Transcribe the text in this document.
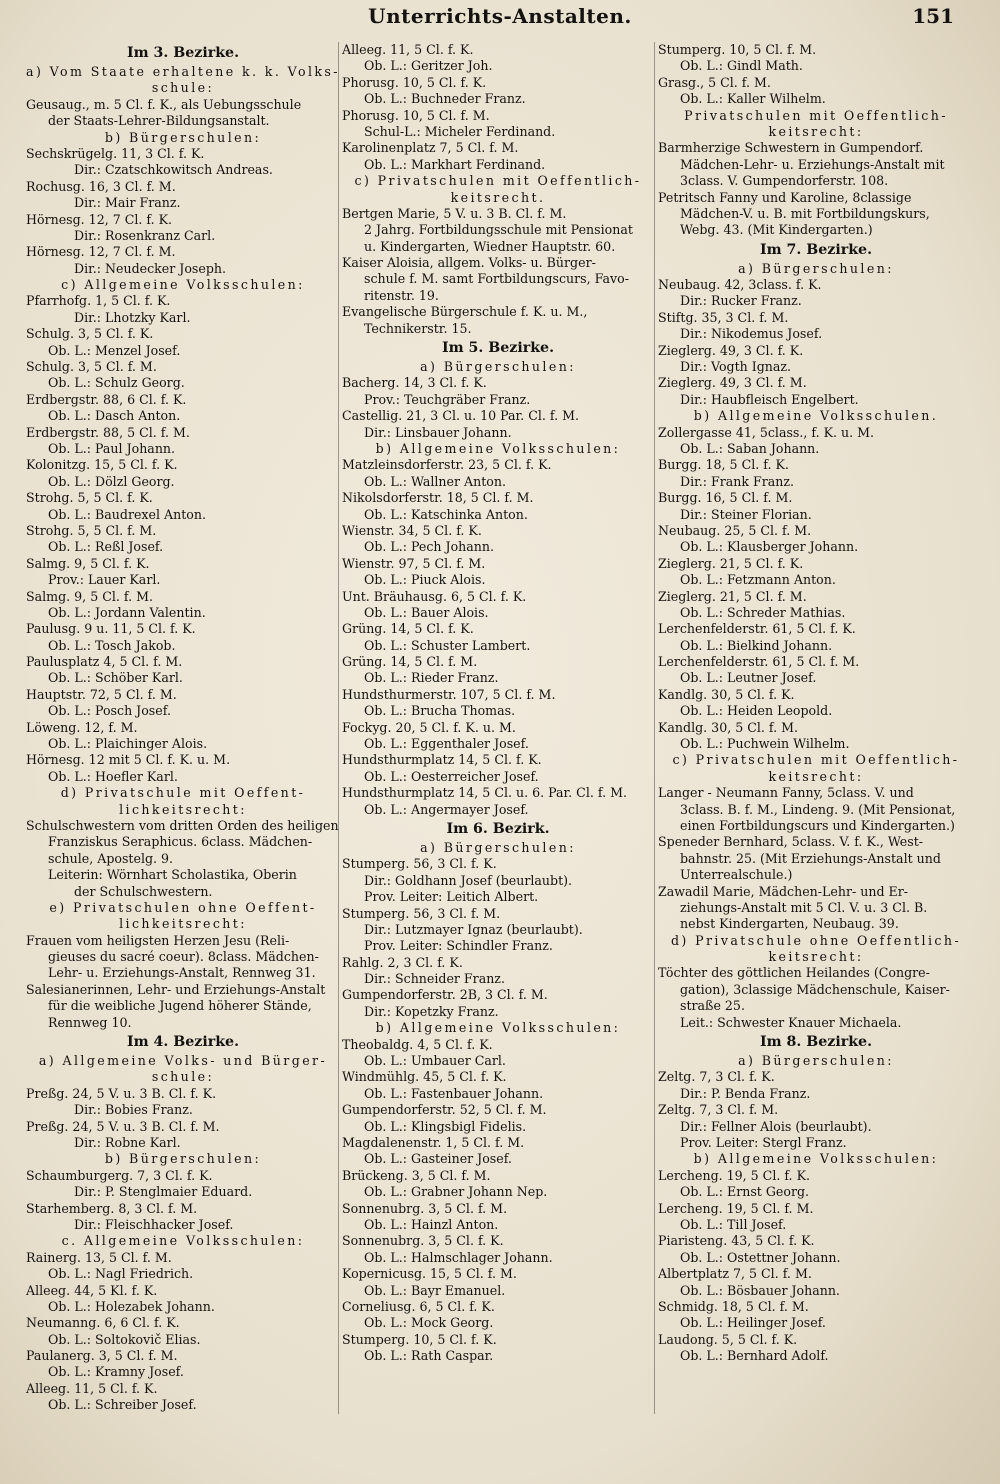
Unterrichts-Anstalten.	151
Im 3. Bezirke.
a) Vom Staate erhaltene k. k. Volks-
schule:
Geusaug., m. 5 Cl. f. K., als Uebungsschule
der Staats-Lehrer-Bildungsanstalt.
b) Bürgerschulen:
Sechskrügelg. 11, 3 Cl. f. K.
Dir.: Czatschkowitsch Andreas.
Rochusg. 16, 3 Cl. f. M.
Dir.: Mair Franz.
Hörnesg. 12, 7 Cl. f. K.
Dir.: Rosenkranz Carl.
Hörnesg. 12, 7 Cl. f. M.
Dir.: Neudecker Joseph.
c) Allgemeine Volksschulen:
Pfarrhofg. 1, 5 Cl. f. K.
Dir.: Lhotzky Karl.
Schulg. 3, 5 Cl. f. K.
Ob. L.: Menzel Josef.
Schulg. 3, 5 Cl. f. M.
Ob. L.: Schulz Georg.
Erdbergstr. 88, 6 Cl. f. K.
Ob. L.: Dasch Anton.
Erdbergstr. 88, 5 Cl. f. M.
Ob. L.: Paul Johann.
Kolonitzg. 15, 5 Cl. f. K.
Ob. L.: Dölzl Georg.
Strohg. 5, 5 Cl. f. K.
Ob. L.: Baudrexel Anton.
Strohg. 5, 5 Cl. f. M.
Ob. L.: Reßl Josef.
Salmg. 9, 5 Cl. f. K.
Prov.: Lauer Karl.
Salmg. 9, 5 Cl. f. M.
Ob. L.: Jordann Valentin.
Paulusg. 9 u. 11, 5 Cl. f. K.
Ob. L.: Tosch Jakob.
Paulusplatz 4, 5 Cl. f. M.
Ob. L.: Schöber Karl.
Hauptstr. 72, 5 Cl. f. M.
Ob. L.: Posch Josef.
Löweng. 12, f. M.
Ob. L.: Plaichinger Alois.
Hörnesg. 12 mit 5 Cl. f. K. u. M.
Ob. L.: Hoefler Karl.
d) Privatschule mit Oeffent-
lichkeitsrecht:
Schulschwestern vom dritten Orden des heiligen
Franziskus Seraphicus. 6class. Mädchen-
schule, Apostelg. 9.
Leiterin: Wörnhart Scholastika, Oberin
der Schulschwestern.
e) Privatschulen ohne Oeffent-
lichkeitsrecht:
Frauen vom heiligsten Herzen Jesu (Reli-
gieuses du sacré coeur). 8class. Mädchen-
Lehr- u. Erziehungs-Anstalt, Rennweg 31.
Salesianerinnen, Lehr- und Erziehungs-Anstalt
für die weibliche Jugend höherer Stände,
Rennweg 10.
Im 4. Bezirke.
a) Allgemeine Volks- und Bürger-
schule:
Preßg. 24, 5 V. u. 3 B. Cl. f. K.
Dir.: Bobies Franz.
Preßg. 24, 5 V. u. 3 B. Cl. f. M.
Dir.: Robne Karl.
b) Bürgerschulen:
Schaumburgerg. 7, 3 Cl. f. K.
Dir.: P. Stenglmaier Eduard.
Starhemberg. 8, 3 Cl. f. M.
Dir.: Fleischhacker Josef.
c. Allgemeine Volksschulen:
Rainerg. 13, 5 Cl. f. M.
Ob. L.: Nagl Friedrich.
Alleeg. 44, 5 Kl. f. K.
Ob. L.: Holezabek Johann.
Neumanng. 6, 6 Cl. f. K.
Ob. L.: Soltokovič Elias.
Paulanerg. 3, 5 Cl. f. M.
Ob. L.: Kramny Josef.
Alleeg. 11, 5 Cl. f. K.
Ob. L.: Schreiber Josef.
Alleeg. 11, 5 Cl. f. K.
Ob. L.: Geritzer Joh.
Phorusg. 10, 5 Cl. f. K.
Ob. L.: Buchneder Franz.
Phorusg. 10, 5 Cl. f. M.
Schul-L.: Micheler Ferdinand.
Karolinenplatz 7, 5 Cl. f. M.
Ob. L.: Markhart Ferdinand.
c) Privatschulen mit Oeffentlich-
keitsrecht.
Bertgen Marie, 5 V. u. 3 B. Cl. f. M.
2 Jahrg. Fortbildungsschule mit Pensionat
u. Kindergarten, Wiedner Hauptstr. 60.
Kaiser Aloisia, allgem. Volks- u. Bürger-
schule f. M. samt Fortbildungscurs, Favo-
ritenstr. 19.
Evangelische Bürgerschule f. K. u. M.,
Technikerstr. 15.
Im 5. Bezirke.
a) Bürgerschulen:
Bacherg. 14, 3 Cl. f. K.
Prov.: Teuchgräber Franz.
Castellig. 21, 3 Cl. u. 10 Par. Cl. f. M.
Dir.: Linsbauer Johann.
b) Allgemeine Volksschulen:
Matzleinsdorferstr. 23, 5 Cl. f. K.
Ob. L.: Wallner Anton.
Nikolsdorferstr. 18, 5 Cl. f. M.
Ob. L.: Katschinka Anton.
Wienstr. 34, 5 Cl. f. K.
Ob. L.: Pech Johann.
Wienstr. 97, 5 Cl. f. M.
Ob. L.: Piuck Alois.
Unt. Bräuhausg. 6, 5 Cl. f. K.
Ob. L.: Bauer Alois.
Grüng. 14, 5 Cl. f. K.
Ob. L.: Schuster Lambert.
Grüng. 14, 5 Cl. f. M.
Ob. L.: Rieder Franz.
Hundsthurmerstr. 107, 5 Cl. f. M.
Ob. L.: Brucha Thomas.
Fockyg. 20, 5 Cl. f. K. u. M.
Ob. L.: Eggenthaler Josef.
Hundsthurmplatz 14, 5 Cl. f. K.
Ob. L.: Oesterreicher Josef.
Hundsthurmplatz 14, 5 Cl. u. 6. Par. Cl. f. M.
Ob. L.: Angermayer Josef.
Im 6. Bezirk.
a) Bürgerschulen:
Stumperg. 56, 3 Cl. f. K.
Dir.: Goldhann Josef (beurlaubt).
Prov. Leiter: Leitich Albert.
Stumperg. 56, 3 Cl. f. M.
Dir.: Lutzmayer Ignaz (beurlaubt).
Prov. Leiter: Schindler Franz.
Rahlg. 2, 3 Cl. f. K.
Dir.: Schneider Franz.
Gumpendorferstr. 2B, 3 Cl. f. M.
Dir.: Kopetzky Franz.
b) Allgemeine Volksschulen:
Theobaldg. 4, 5 Cl. f. K.
Ob. L.: Umbauer Carl.
Windmühlg. 45, 5 Cl. f. K.
Ob. L.: Fastenbauer Johann.
Gumpendorferstr. 52, 5 Cl. f. M.
Ob. L.: Klingsbigl Fidelis.
Magdalenenstr. 1, 5 Cl. f. M.
Ob. L.: Gasteiner Josef.
Brückeng. 3, 5 Cl. f. M.
Ob. L.: Grabner Johann Nep.
Sonnenubrg. 3, 5 Cl. f. M.
Ob. L.: Hainzl Anton.
Sonnenubrg. 3, 5 Cl. f. K.
Ob. L.: Halmschlager Johann.
Kopernicusg. 15, 5 Cl. f. M.
Ob. L.: Bayr Emanuel.
Corneliusg. 6, 5 Cl. f. K.
Ob. L.: Mock Georg.
Stumperg. 10, 5 Cl. f. K.
Ob. L.: Rath Caspar.
Stumperg. 10, 5 Cl. f. M.
Ob. L.: Gindl Math.
Grasg., 5 Cl. f. M.
Ob. L.: Kaller Wilhelm.
Privatschulen mit Oeffentlich-
keitsrecht:
Barmherzige Schwestern in Gumpendorf.
Mädchen-Lehr- u. Erziehungs-Anstalt mit
3class. V. Gumpendorferstr. 108.
Petritsch Fanny und Karoline, 8classige
Mädchen-V. u. B. mit Fortbildungskurs,
Webg. 43. (Mit Kindergarten.)
Im 7. Bezirke.
a) Bürgerschulen:
Neubaug. 42, 3class. f. K.
Dir.: Rucker Franz.
Stiftg. 35, 3 Cl. f. M.
Dir.: Nikodemus Josef.
Zieglerg. 49, 3 Cl. f. K.
Dir.: Vogth Ignaz.
Zieglerg. 49, 3 Cl. f. M.
Dir.: Haubfleisch Engelbert.
b) Allgemeine Volksschulen.
Zollergasse 41, 5class., f. K. u. M.
Ob. L.: Saban Johann.
Burgg. 18, 5 Cl. f. K.
Dir.: Frank Franz.
Burgg. 16, 5 Cl. f. M.
Dir.: Steiner Florian.
Neubaug. 25, 5 Cl. f. M.
Ob. L.: Klausberger Johann.
Zieglerg. 21, 5 Cl. f. K.
Ob. L.: Fetzmann Anton.
Zieglerg. 21, 5 Cl. f. M.
Ob. L.: Schreder Mathias.
Lerchenfelderstr. 61, 5 Cl. f. K.
Ob. L.: Bielkind Johann.
Lerchenfelderstr. 61, 5 Cl. f. M.
Ob. L.: Leutner Josef.
Kandlg. 30, 5 Cl. f. K.
Ob. L.: Heiden Leopold.
Kandlg. 30, 5 Cl. f. M.
Ob. L.: Puchwein Wilhelm.
c) Privatschulen mit Oeffentlich-
keitsrecht:
Langer - Neumann Fanny, 5class. V. und
3class. B. f. M., Lindeng. 9. (Mit Pensionat,
einen Fortbildungscurs und Kindergarten.)
Speneder Bernhard, 5class. V. f. K., West-
bahnstr. 25. (Mit Erziehungs-Anstalt und
Unterrealschule.)
Zawadil Marie, Mädchen-Lehr- und Er-
ziehungs-Anstalt mit 5 Cl. V. u. 3 Cl. B.
nebst Kindergarten, Neubaug. 39.
d) Privatschule ohne Oeffentlich-
keitsrecht:
Töchter des göttlichen Heilandes (Congre-
gation), 3classige Mädchenschule, Kaiser-
straße 25.
Leit.: Schwester Knauer Michaela.
Im 8. Bezirke.
a) Bürgerschulen:
Zeltg. 7, 3 Cl. f. K.
Dir.: P. Benda Franz.
Zeltg. 7, 3 Cl. f. M.
Dir.: Fellner Alois (beurlaubt).
Prov. Leiter: Stergl Franz.
b) Allgemeine Volksschulen:
Lercheng. 19, 5 Cl. f. K.
Ob. L.: Ernst Georg.
Lercheng. 19, 5 Cl. f. M.
Ob. L.: Till Josef.
Piaristeng. 43, 5 Cl. f. K.
Ob. L.: Ostettner Johann.
Albertplatz 7, 5 Cl. f. M.
Ob. L.: Bösbauer Johann.
Schmidg. 18, 5 Cl. f. M.
Ob. L.: Heilinger Josef.
Laudong. 5, 5 Cl. f. K.
Ob. L.: Bernhard Adolf.
